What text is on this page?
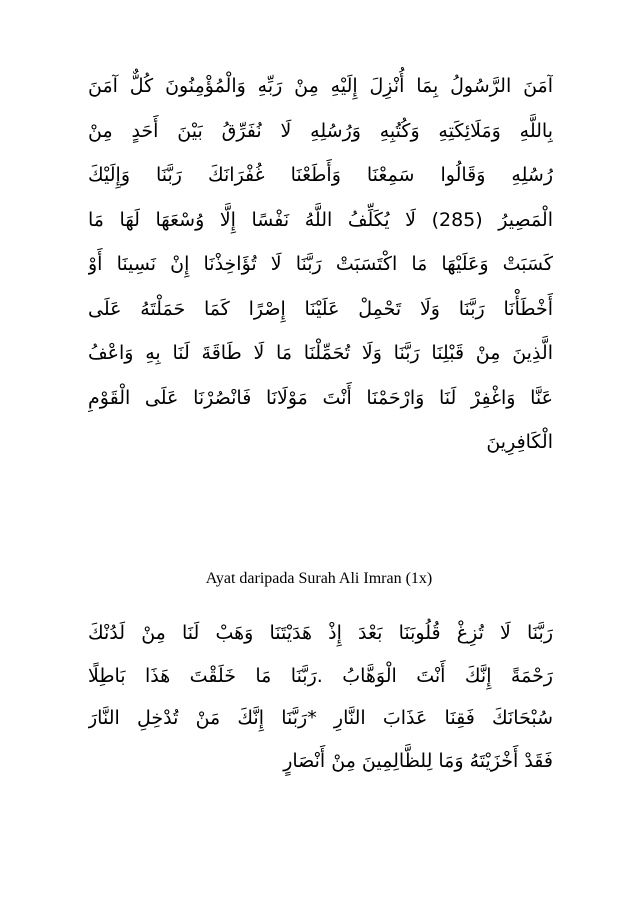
آمَنَ الرَّسُولُ بِمَا أُنْزِلَ إِلَيْهِ مِنْ رَبِّهِ وَالْمُؤْمِنُونَ كُلٌّ آمَنَ
بِاللَّهِ وَمَلَائِكَتِهِ وَكُتُبِهِ وَرُسُلِهِ لَا نُفَرِّقُ بَيْنَ أَحَدٍ مِنْ
رُسُلِهِ وَقَالُوا سَمِعْنَا وَأَطَعْنَا غُفْرَانَكَ رَبَّنَا وَإِلَيْكَ
الْمَصِيرُ (285) لَا يُكَلِّفُ اللَّهُ نَفْسًا إِلَّا وُسْعَهَا لَهَا مَا
كَسَبَتْ وَعَلَيْهَا مَا اكْتَسَبَتْ رَبَّنَا لَا تُؤَاخِذْنَا إِنْ نَسِينَا أَوْ
أَخْطَأْنَا رَبَّنَا وَلَا تَحْمِلْ عَلَيْنَا إِصْرًا كَمَا حَمَلْتَهُ عَلَى
الَّذِينَ مِنْ قَبْلِنَا رَبَّنَا وَلَا تُحَمِّلْنَا مَا لَا طَاقَةَ لَنَا بِهِ وَاعْفُ
عَنَّا وَاغْفِرْ لَنَا وَارْحَمْنَا أَنْتَ مَوْلَانَا فَانْصُرْنَا عَلَى الْقَوْمِ
الْكَافِرِينَ
Ayat daripada Surah Ali Imran (1x)
رَبَّنَا لَا تُزِغْ قُلُوبَنَا بَعْدَ إِذْ هَدَيْتَنَا وَهَبْ لَنَا مِنْ لَدُنْكَ
رَحْمَةً إِنَّكَ أَنْتَ الْوَهَّابُ .رَبَّنَا مَا خَلَقْتَ هَذَا بَاطِلًا
سُبْحَانَكَ فَقِنَا عَذَابَ النَّارِ *رَبَّنَا إِنَّكَ مَنْ تُدْخِلِ النَّارَ
فَقَدْ أَخْزَيْتَهُ وَمَا لِلظَّالِمِينَ مِنْ أَنْصَارٍ
